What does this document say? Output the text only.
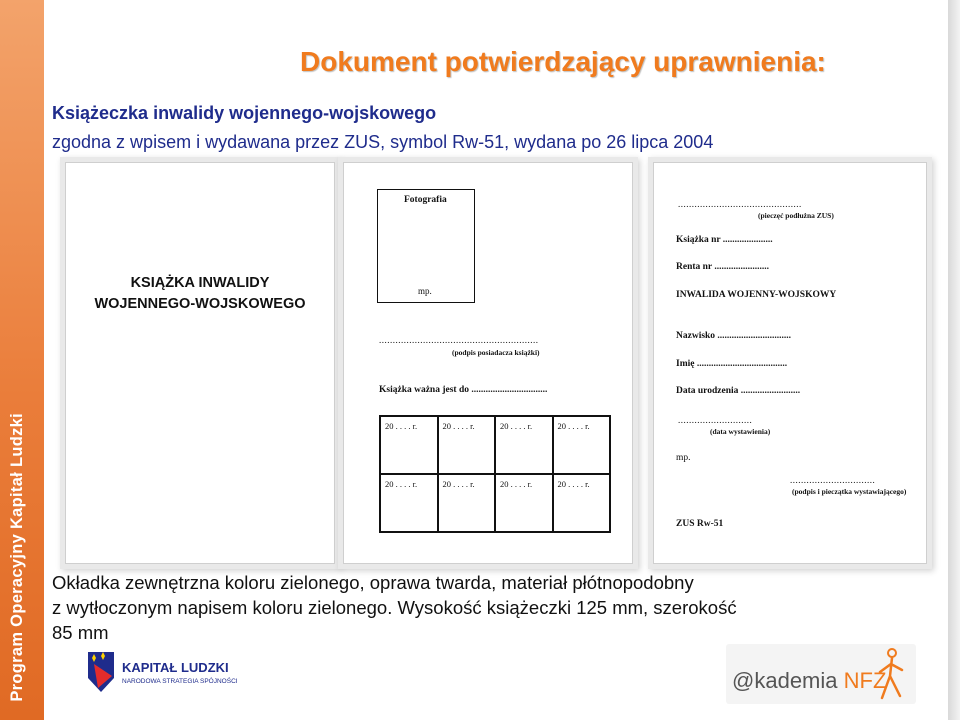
Program Operacyjny Kapitał Ludzki
Dokument potwierdzający uprawnienia:
Książeczka inwalidy wojennego-wojskowego
zgodna z wpisem i wydawana przez ZUS, symbol Rw-51, wydana po 26 lipca 2004
KSIĄŻKA INWALIDY
WOJENNEGO-WOJSKOWEGO
Fotografia
mp.
..........................................................
(podpis posiadacza książki)
Książka ważna jest do ................................
20 . . . . r.	20 . . . . r.	20 . . . . r.	20 . . . . r.
20 . . . . r.	20 . . . . r.	20 . . . . r.	20 . . . . r.
.............................................
(pieczęć podłużna ZUS)
Książka nr .....................
Renta nr .......................
INWALIDA WOJENNY-WOJSKOWY
Nazwisko ...............................
Imię ......................................
Data urodzenia .........................
...........................
(data wystawienia)
mp.
...............................
(podpis i pieczątka wystawiającego)
ZUS Rw-51
Okładka zewnętrzna koloru zielonego, oprawa twarda, materiał płótnopodobny
z wytłoczonym napisem koloru zielonego. Wysokość książeczki 125 mm, szerokość
85 mm
KAPITAŁ LUDZKI
NARODOWA STRATEGIA SPÓJNOŚCI	@kademia NFZ
